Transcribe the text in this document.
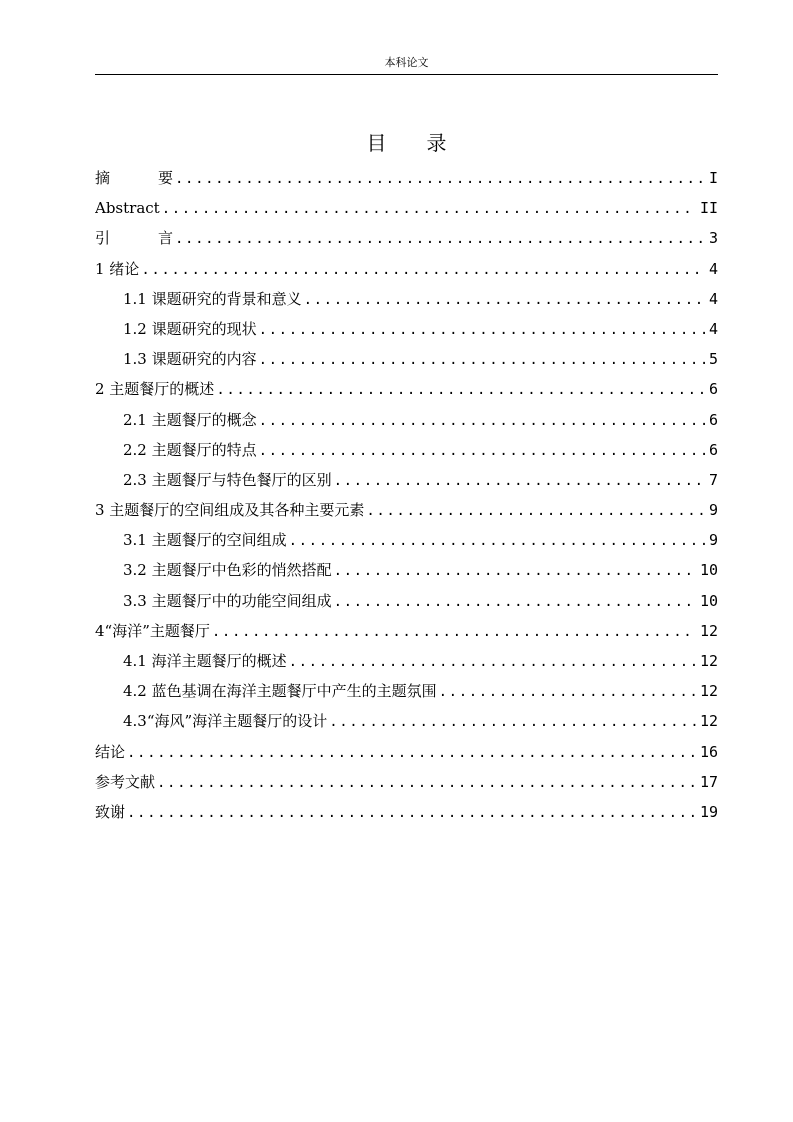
本科论文
目 录
摘	要 .....	I
Abstract .....	II
引	言 .....	3
1 绪论 .....	4
1.1 课题研究的背景和意义 .....	4
1.2 课题研究的现状 .....	4
1.3 课题研究的内容 .....	5
2 主题餐厅的概述 .....	6
2.1 主题餐厅的概念 .....	6
2.2 主题餐厅的特点 .....	6
2.3 主题餐厅与特色餐厅的区别 .....	7
3 主题餐厅的空间组成及其各种主要元素 .....	9
3.1 主题餐厅的空间组成 .....	9
3.2 主题餐厅中色彩的悄然搭配 .....	10
3.3 主题餐厅中的功能空间组成 .....	10
4“海洋”主题餐厅 .....	12
4.1 海洋主题餐厅的概述 .....	12
4.2 蓝色基调在海洋主题餐厅中产生的主题氛围 .....	12
4.3“海风”海洋主题餐厅的设计 .....	12
结论 .....	16
参考文献 .....	17
致谢 .....	19
